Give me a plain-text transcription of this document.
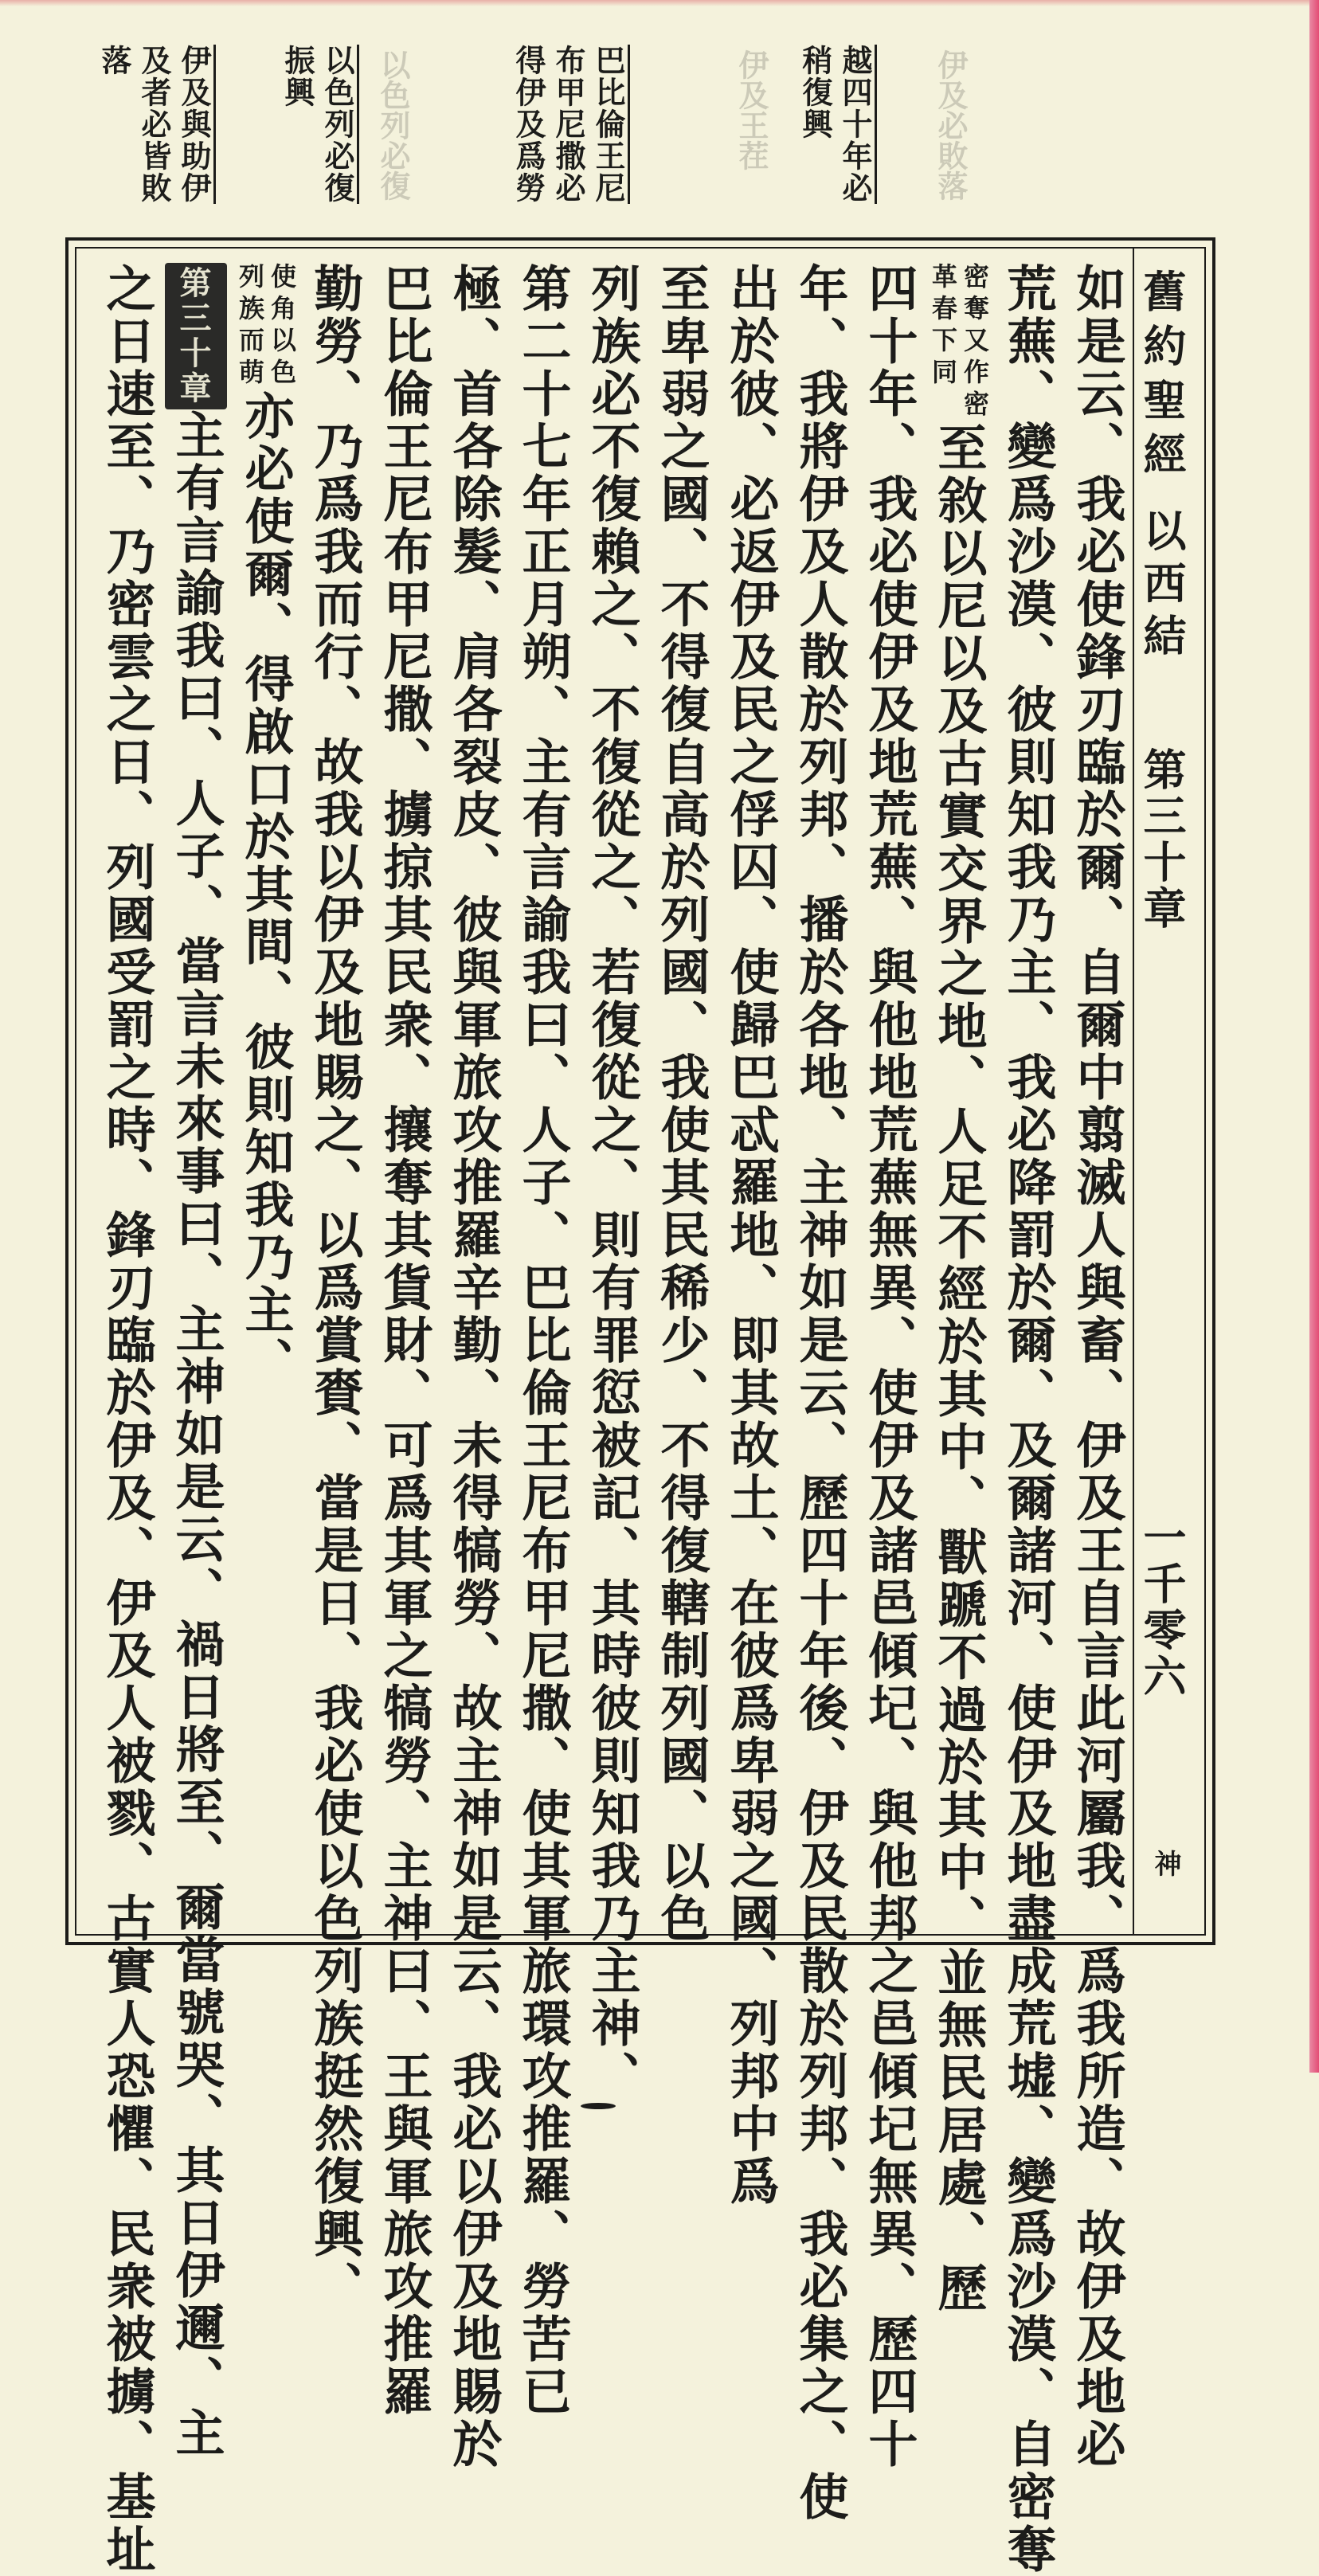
伊及必敗落
以色列必復	伊及王茬 越四十年必
稍復興
巴比倫王尼
布甲尼撒必
得伊及爲勞
以色列必復
振興
伊及與助伊
及者必皆敗
落
舊約聖經
以西結
第三十章
一千零六
神
如是云、我必使鋒刃臨於爾、自爾中翦滅人與畜、伊及王自言此河屬我、爲我所造、故伊及地必
荒蕪、變爲沙漠、彼則知我乃主、我必降罰於爾、及爾諸河、使伊及地盡成荒墟、變爲沙漠、自密奪
密奪又作密
革春下同
至敘以尼以及古實交界之地、人足不經於其中、獸蹏不過於其中、並無民居處、歷
四十年、我必使伊及地荒蕪、與他地荒蕪無異、使伊及諸邑傾圮、與他邦之邑傾圮無異、歷四十
年、我將伊及人散於列邦、播於各地、主神如是云、歷四十年後、伊及民散於列邦、我必集之、使
出於彼、必返伊及民之俘囚、使歸巴忒羅地、即其故土、在彼爲卑弱之國、列邦中爲
至卑弱之國、不得復自高於列國、我使其民稀少、不得復轄制列國、以色
列族必不復賴之、不復從之、若復從之、則有罪愆被記、其時彼則知我乃主神、
第二十七年正月朔、主有言諭我曰、人子、巴比倫王尼布甲尼撒、使其軍旅環攻推羅、勞苦已
極、首各除髮、肩各裂皮、彼與軍旅攻推羅辛勤、未得犒勞、故主神如是云、我必以伊及地賜於
巴比倫王尼布甲尼撒、擄掠其民衆、攘奪其貨財、可爲其軍之犒勞、主神曰、王與軍旅攻推羅
勤勞、乃爲我而行、故我以伊及地賜之、以爲賞賚、當是日、我必使以色列族挺然復興、
使角以色
列族而萌
亦必使爾、得啟口於其間、彼則知我乃主、
第三十章
主有言諭我曰、人子、當言未來事曰、主神如是云、禍日將至、爾當號哭、其日伊邇、主
之日速至、乃密雲之日、列國受罰之時、鋒刃臨於伊及、伊及人被戮、古實人恐懼、民衆被擄、基址
